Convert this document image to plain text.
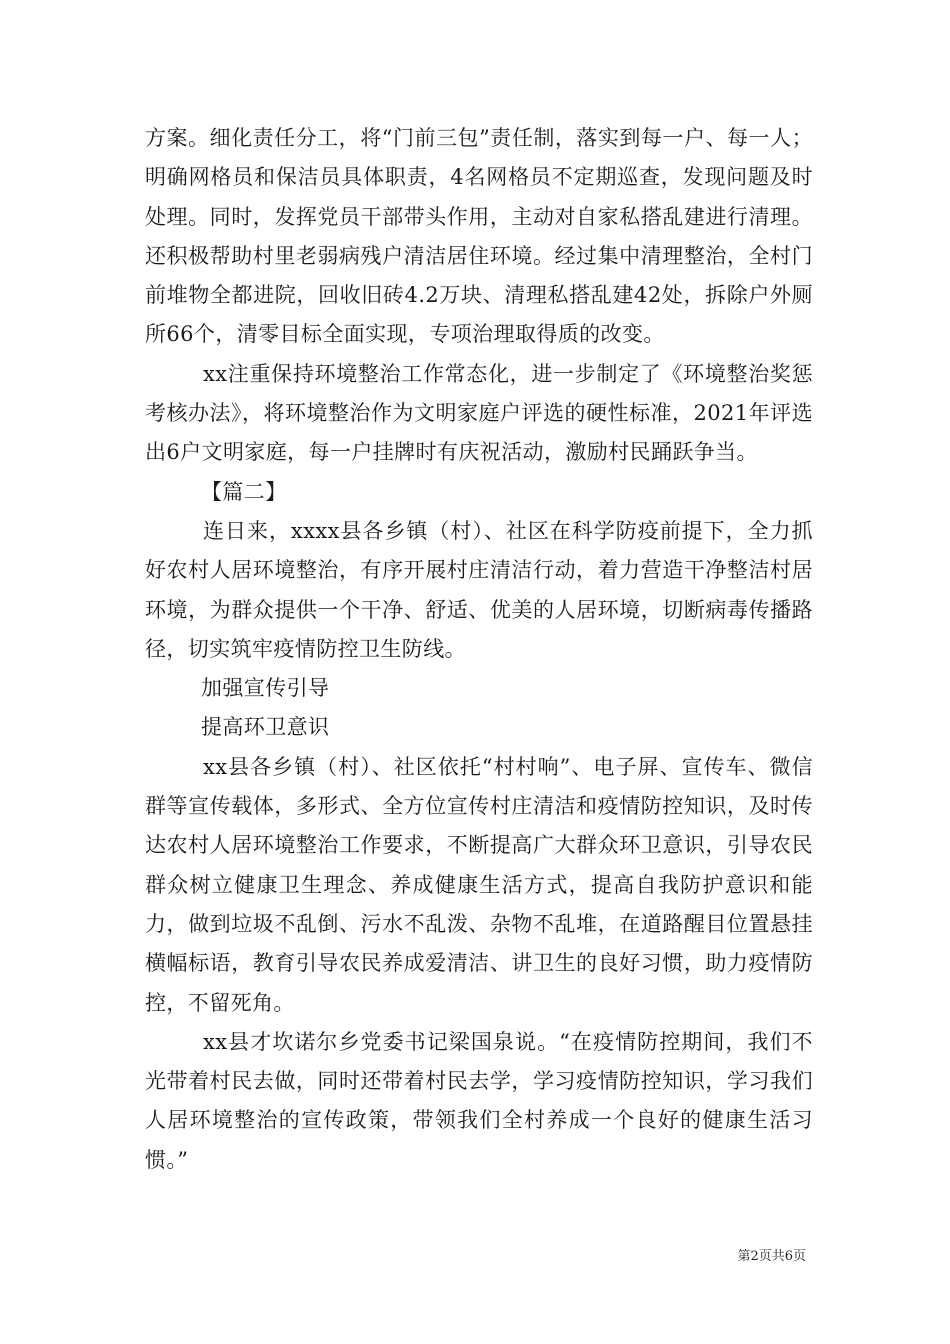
方案。细化责任分工，将“门前三包”责任制，落实到每一户、每一人；明确网格员和保洁员具体职责，4名网格员不定期巡查，发现问题及时处理。同时，发挥党员干部带头作用，主动对自家私搭乱建进行清理。还积极帮助村里老弱病残户清洁居住环境。经过集中清理整治，全村门前堆物全都进院，回收旧砖4.2万块、清理私搭乱建42处，拆除户外厕所66个，清零目标全面实现，专项治理取得质的改变。

xx注重保持环境整治工作常态化，进一步制定了《环境整治奖惩考核办法》，将环境整治作为文明家庭户评选的硬性标准，2021年评选出6户文明家庭，每一户挂牌时有庆祝活动，激励村民踊跃争当。

【篇二】

连日来，xxxx县各乡镇（村）、社区在科学防疫前提下，全力抓好农村人居环境整治，有序开展村庄清洁行动，着力营造干净整洁村居环境，为群众提供一个干净、舒适、优美的人居环境，切断病毒传播路径，切实筑牢疫情防控卫生防线。

加强宣传引导

提高环卫意识

xx县各乡镇（村）、社区依托“村村响”、电子屏、宣传车、微信群等宣传载体，多形式、全方位宣传村庄清洁和疫情防控知识，及时传达农村人居环境整治工作要求，不断提高广大群众环卫意识，引导农民群众树立健康卫生理念、养成健康生活方式，提高自我防护意识和能力，做到垃圾不乱倒、污水不乱泼、杂物不乱堆，在道路醒目位置悬挂横幅标语，教育引导农民养成爱清洁、讲卫生的良好习惯，助力疫情防控，不留死角。

xx县才坎诺尔乡党委书记梁国泉说。“在疫情防控期间，我们不光带着村民去做，同时还带着村民去学，学习疫情防控知识，学习我们人居环境整治的宣传政策，带领我们全村养成一个良好的健康生活习惯。”

第2页共6页
